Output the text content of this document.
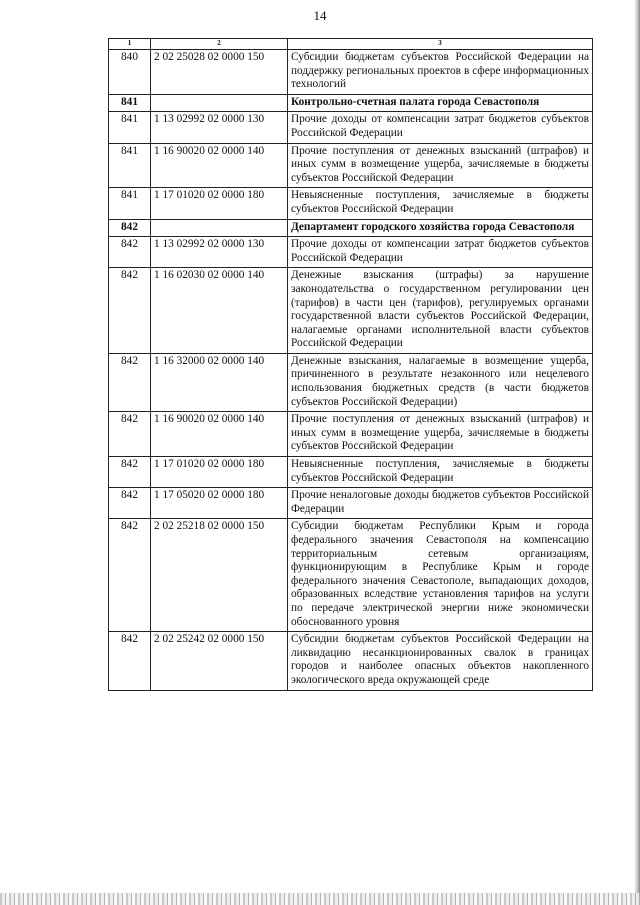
14
1	2	3
840	2 02 25028 02 0000 150	Субсидии бюджетам субъектов Российской Федерации на поддержку региональных проектов в сфере информационных технологий
841		Контрольно-счетная палата города Севастополя
841	1 13 02992 02 0000 130	Прочие доходы от компенсации затрат бюджетов субъектов Российской Федерации
841	1 16 90020 02 0000 140	Прочие поступления от денежных взысканий (штрафов) и иных сумм в возмещение ущерба, зачисляемые в бюджеты субъектов Российской Федерации
841	1 17 01020 02 0000 180	Невыясненные поступления, зачисляемые в бюджеты субъектов Российской Федерации
842		Департамент городского хозяйства города Севастополя
842	1 13 02992 02 0000 130	Прочие доходы от компенсации затрат бюджетов субъектов Российской Федерации
842	1 16 02030 02 0000 140	Денежные взыскания (штрафы) за нарушение законодательства о государственном регулировании цен (тарифов) в части цен (тарифов), регулируемых органами государственной власти субъектов Российской Федерации, налагаемые органами исполнительной власти субъектов Российской Федерации
842	1 16 32000 02 0000 140	Денежные взыскания, налагаемые в возмещение ущерба, причиненного в результате незаконного или нецелевого использования бюджетных средств (в части бюджетов субъектов Российской Федерации)
842	1 16 90020 02 0000 140	Прочие поступления от денежных взысканий (штрафов) и иных сумм в возмещение ущерба, зачисляемые в бюджеты субъектов Российской Федерации
842	1 17 01020 02 0000 180	Невыясненные поступления, зачисляемые в бюджеты субъектов Российской Федерации
842	1 17 05020 02 0000 180	Прочие неналоговые доходы бюджетов субъектов Российской Федерации
842	2 02 25218 02 0000 150	Субсидии бюджетам Республики Крым и города федерального значения Севастополя на компенсацию территориальным сетевым организациям, функционирующим в Республике Крым и городе федерального значения Севастополе, выпадающих доходов, образованных вследствие установления тарифов на услуги по передаче электрической энергии ниже экономически обоснованного уровня
842	2 02 25242 02 0000 150	Субсидии бюджетам субъектов Российской Федерации на ликвидацию несанкционированных свалок в границах городов и наиболее опасных объектов накопленного экологического вреда окружающей среде
